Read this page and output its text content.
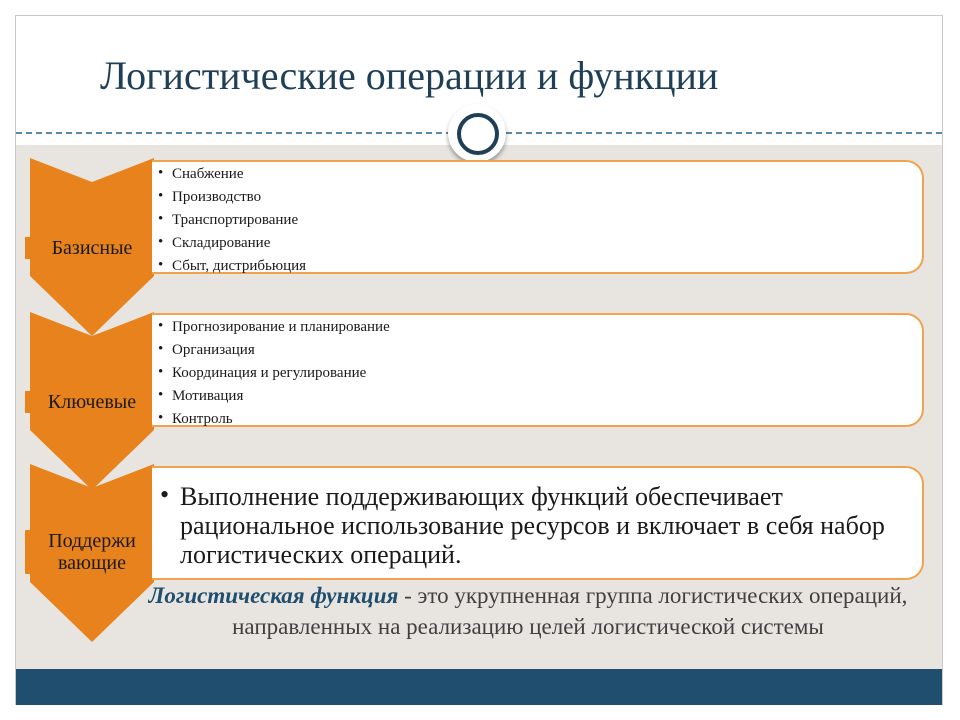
Логистические операции и функции
Базисные
Ключевые
Поддержи
вающие
• Снабжение
• Производство
• Транспортирование
• Складирование
• Сбыт, дистрибьюция
• Прогнозирование и планирование
• Организация
• Координация и регулирование
• Мотивация
• Контроль
• Выполнение поддерживающих функций обеспечивает рациональное использование ресурсов и включает в себя набор логистических операций.
Логистическая функция - это укрупненная группа логистических операций, направленных на реализацию целей логистической системы
